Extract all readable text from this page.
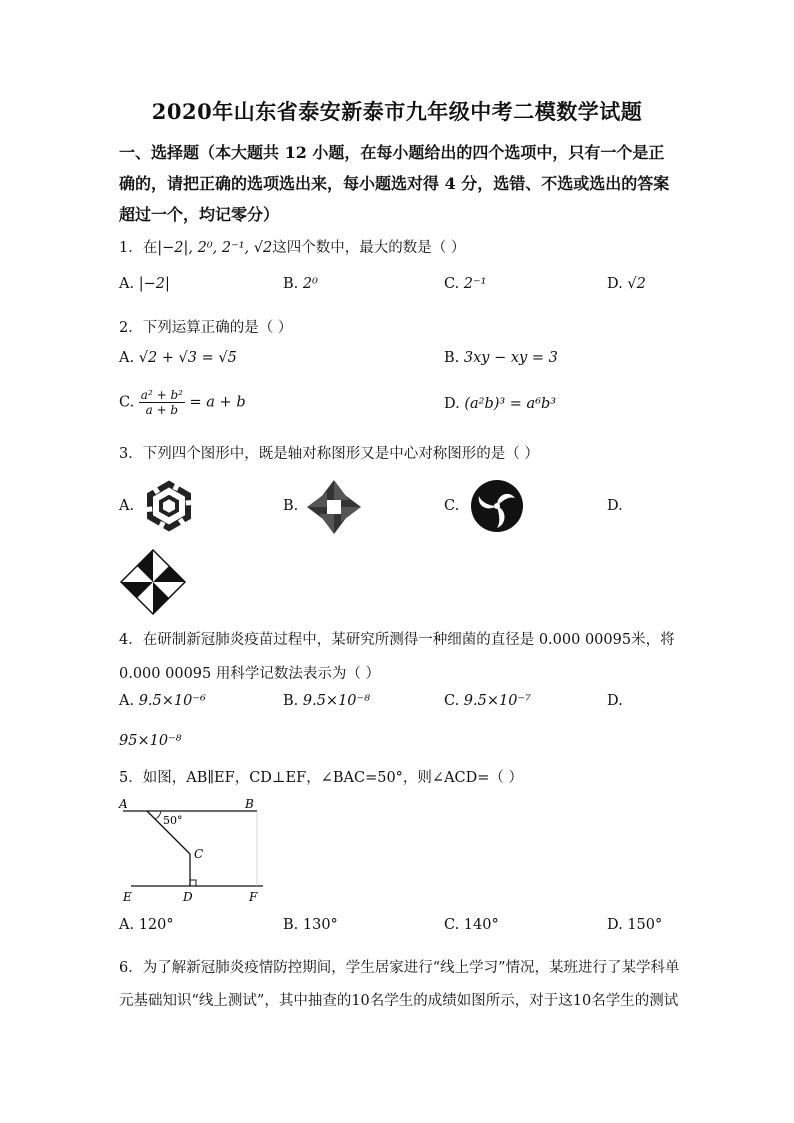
2020年山东省泰安新泰市九年级中考二模数学试题
一、选择题（本大题共 12 小题，在每小题给出的四个选项中，只有一个是正
确的，请把正确的选项选出来，每小题选对得 4 分，选错、不选或选出的答案
超过一个，均记零分）
1．在|−2|, 2⁰, 2⁻¹, √2这四个数中，最大的数是（ ）
A. |−2|	B. 2⁰	C. 2⁻¹	D. √2
2．下列运算正确的是（ ）
A. √2 + √3 = √5	B. 3xy − xy = 3
C. $\frac{\text{a² + b²}}{a + b} = a + b$	D. (a²b)³ = a⁶b³
3．下列四个图形中，既是轴对称图形又是中心对称图形的是（ ）
A.	B.	C.	D.
4．在研制新冠肺炎疫苗过程中，某研究所测得一种细菌的直径是 0.000 00095米，将
0.000 00095 用科学记数法表示为（ ）
A. 9.5×10⁻⁶	B. 9.5×10⁻⁸	C. 9.5×10⁻⁷	D.
95×10⁻⁸
5．如图，AB∥EF，CD⊥EF，∠BAC=50°，则∠ACD=（ ）
A	B
50°
C
E	D	F
A. 120°	B. 130°	C. 140°	D. 150°
6．为了解新冠肺炎疫情防控期间，学生居家进行“线上学习”情况，某班进行了某学科单
元基础知识“线上测试”，其中抽查的10名学生的成绩如图所示，对于这10名学生的测试
